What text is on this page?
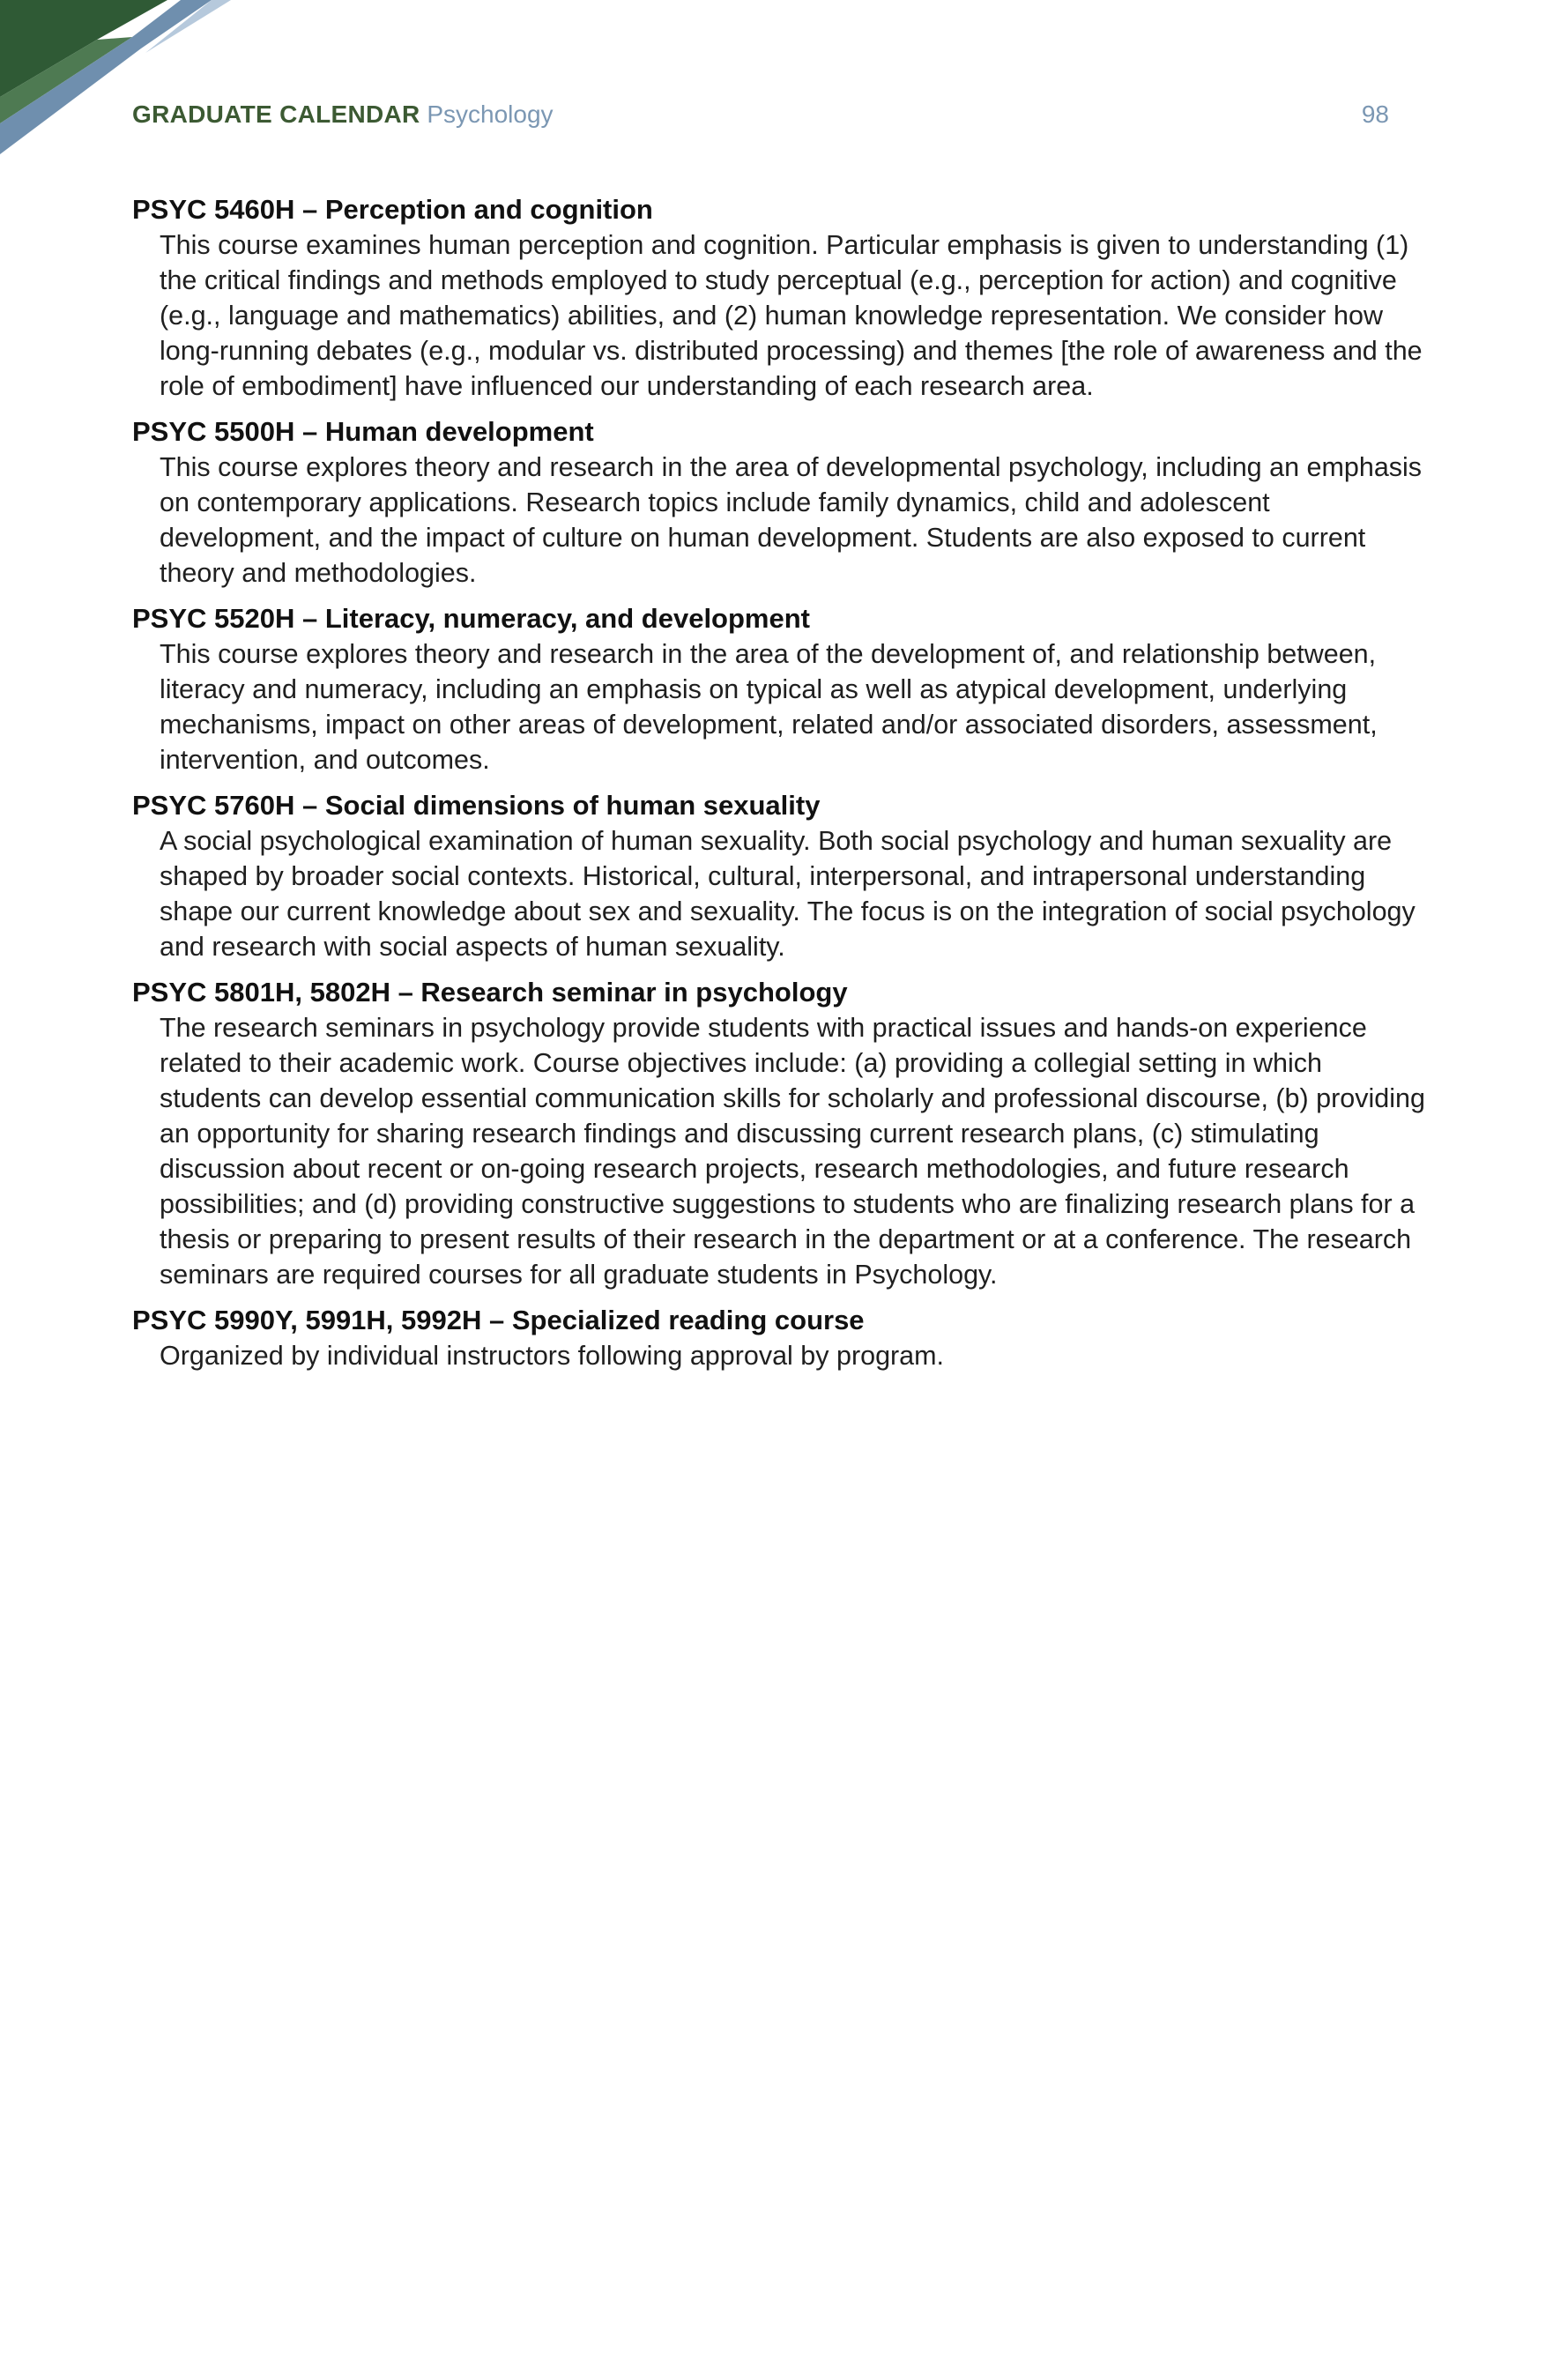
GRADUATE CALENDAR Psychology	98
PSYC 5460H – Perception and cognition
This course examines human perception and cognition. Particular emphasis is given to understanding (1) the critical findings and methods employed to study perceptual (e.g., perception for action) and cognitive (e.g., language and mathematics) abilities, and (2) human knowledge representation. We consider how long-running debates (e.g., modular vs. distributed processing) and themes [the role of awareness and the role of embodiment] have influenced our understanding of each research area.
PSYC 5500H – Human development
This course explores theory and research in the area of developmental psychology, including an emphasis on contemporary applications. Research topics include family dynamics, child and adolescent development, and the impact of culture on human development. Students are also exposed to current theory and methodologies.
PSYC 5520H – Literacy, numeracy, and development
This course explores theory and research in the area of the development of, and relationship between, literacy and numeracy, including an emphasis on typical as well as atypical development, underlying mechanisms, impact on other areas of development, related and/or associated disorders, assessment, intervention, and outcomes.
PSYC 5760H – Social dimensions of human sexuality
A social psychological examination of human sexuality. Both social psychology and human sexuality are shaped by broader social contexts. Historical, cultural, interpersonal, and intrapersonal understanding shape our current knowledge about sex and sexuality. The focus is on the integration of social psychology and research with social aspects of human sexuality.
PSYC 5801H, 5802H – Research seminar in psychology
The research seminars in psychology provide students with practical issues and hands-on experience related to their academic work. Course objectives include: (a) providing a collegial setting in which students can develop essential communication skills for scholarly and professional discourse, (b) providing an opportunity for sharing research findings and discussing current research plans, (c) stimulating discussion about recent or on-going research projects, research methodologies, and future research possibilities; and (d) providing constructive suggestions to students who are finalizing research plans for a thesis or preparing to present results of their research in the department or at a conference. The research seminars are required courses for all graduate students in Psychology.
PSYC 5990Y, 5991H, 5992H – Specialized reading course
Organized by individual instructors following approval by program.
